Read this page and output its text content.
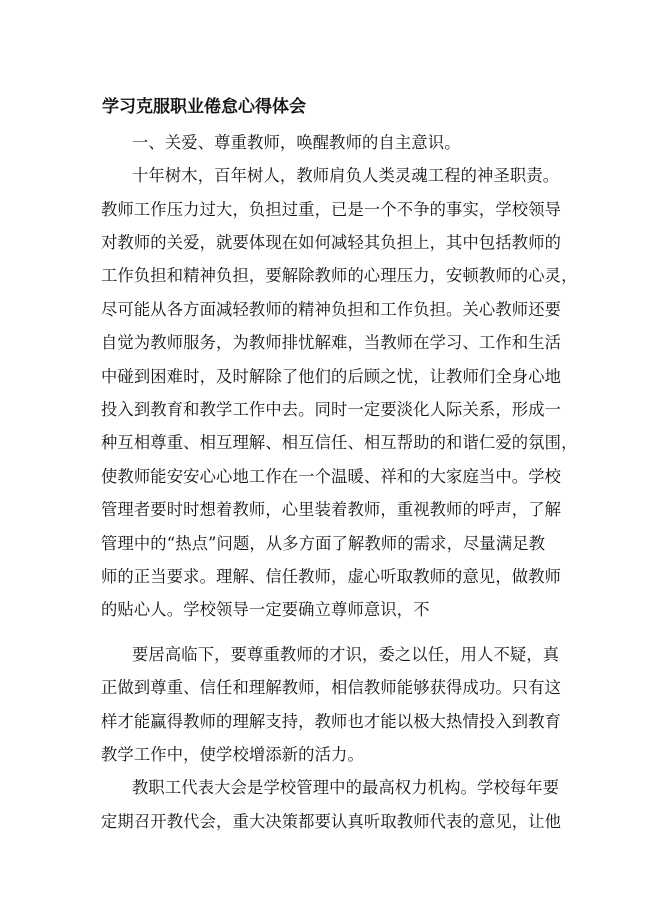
学习克服职业倦怠心得体会
一、关爱、尊重教师，唤醒教师的自主意识。
十年树木，百年树人，教师肩负人类灵魂工程的神圣职责。
教师工作压力过大，负担过重，已是一个不争的事实，学校领导
对教师的关爱，就要体现在如何减轻其负担上，其中包括教师的
工作负担和精神负担，要解除教师的心理压力，安顿教师的心灵，
尽可能从各方面减轻教师的精神负担和工作负担。关心教师还要
自觉为教师服务，为教师排忧解难，当教师在学习、工作和生活
中碰到困难时，及时解除了他们的后顾之忧，让教师们全身心地
投入到教育和教学工作中去。同时一定要淡化人际关系，形成一
种互相尊重、相互理解、相互信任、相互帮助的和谐仁爱的氛围，
使教师能安安心心地工作在一个温暖、祥和的大家庭当中。学校
管理者要时时想着教师，心里装着教师，重视教师的呼声，了解
管理中的“热点”问题，从多方面了解教师的需求，尽量满足教
师的正当要求。理解、信任教师，虚心听取教师的意见，做教师
的贴心人。学校领导一定要确立尊师意识，不
要居高临下，要尊重教师的才识，委之以任，用人不疑，真
正做到尊重、信任和理解教师，相信教师能够获得成功。只有这
样才能赢得教师的理解支持，教师也才能以极大热情投入到教育
教学工作中，使学校增添新的活力。
教职工代表大会是学校管理中的最高权力机构。学校每年要
定期召开教代会，重大决策都要认真听取教师代表的意见，让他
